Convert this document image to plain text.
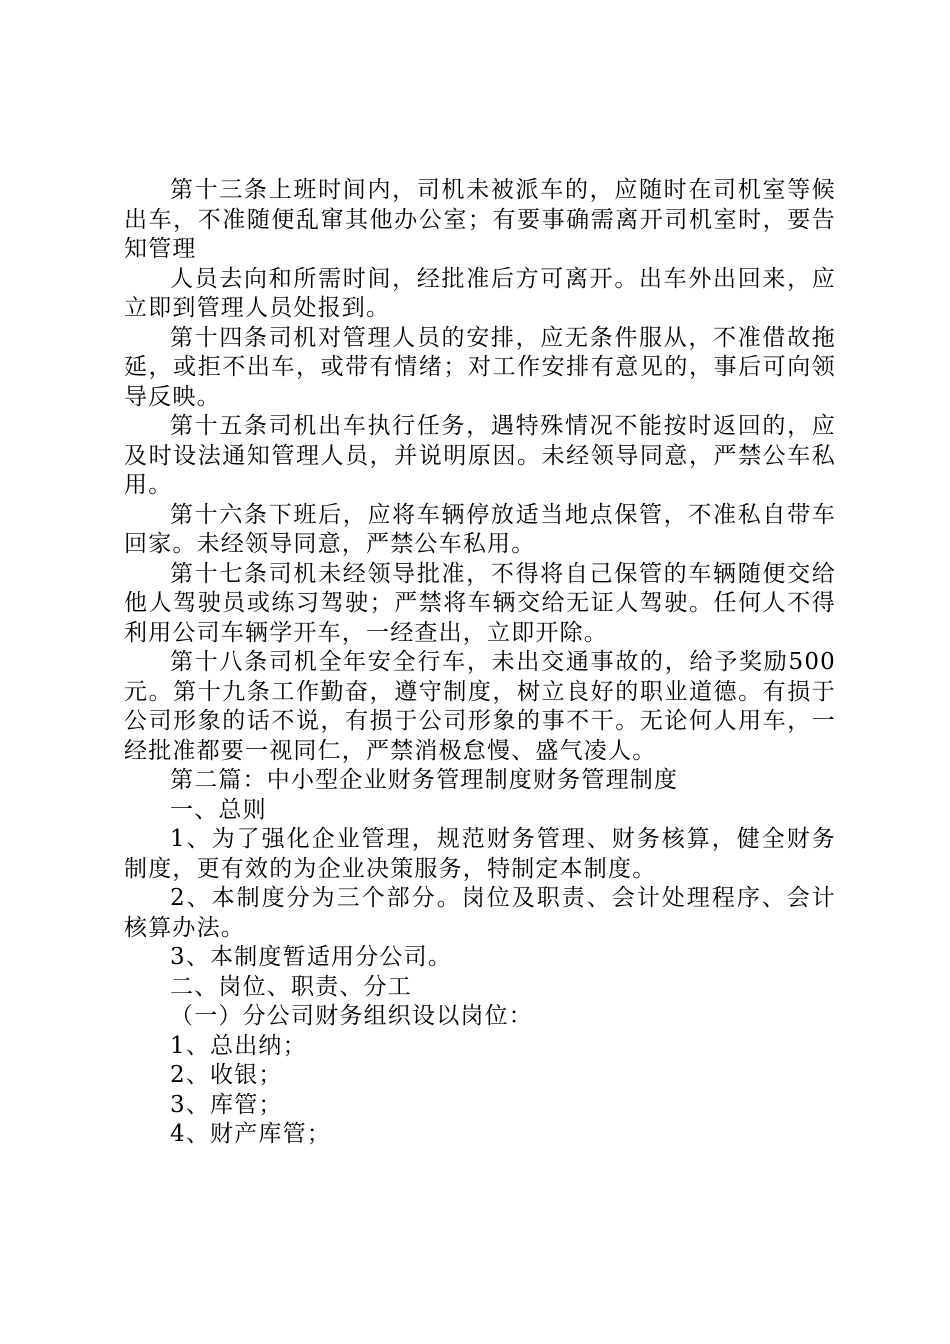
第十三条上班时间内，司机未被派车的，应随时在司机室等候出车，不准随便乱窜其他办公室；有要事确需离开司机室时，要告知管理

人员去向和所需时间，经批准后方可离开。出车外出回来，应立即到管理人员处报到。

第十四条司机对管理人员的安排，应无条件服从，不准借故拖延，或拒不出车，或带有情绪；对工作安排有意见的，事后可向领导反映。

第十五条司机出车执行任务，遇特殊情况不能按时返回的，应及时设法通知管理人员，并说明原因。未经领导同意，严禁公车私用。

第十六条下班后，应将车辆停放适当地点保管，不准私自带车回家。未经领导同意，严禁公车私用。

第十七条司机未经领导批准，不得将自己保管的车辆随便交给他人驾驶员或练习驾驶；严禁将车辆交给无证人驾驶。任何人不得利用公司车辆学开车，一经查出，立即开除。

第十八条司机全年安全行车，未出交通事故的，给予奖励500元。第十九条工作勤奋，遵守制度，树立良好的职业道德。有损于公司形象的话不说，有损于公司形象的事不干。无论何人用车，一经批准都要一视同仁，严禁消极怠慢、盛气凌人。

第二篇：中小型企业财务管理制度财务管理制度

一、总则

1、为了强化企业管理，规范财务管理、财务核算，健全财务制度，更有效的为企业决策服务，特制定本制度。

2、本制度分为三个部分。岗位及职责、会计处理程序、会计核算办法。

3、本制度暂适用分公司。

二、岗位、职责、分工

（一）分公司财务组织设以岗位：

1、总出纳；

2、收银；

3、库管；

4、财产库管；
